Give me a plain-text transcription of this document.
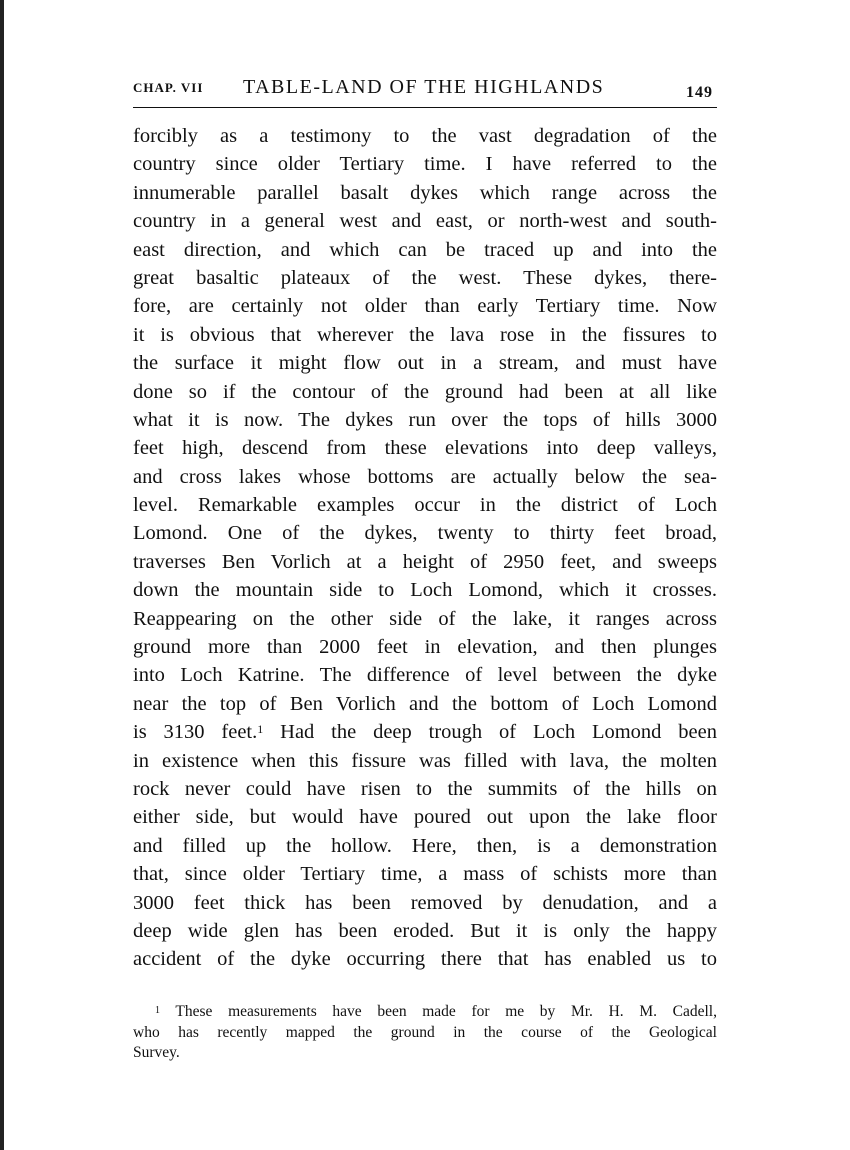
CHAP. VII TABLE-LAND OF THE HIGHLANDS	149
forcibly as a testimony to the vast degradation of the
country since older Tertiary time. I have referred to the
innumerable parallel basalt dykes which range across the
country in a general west and east, or north-west and south-
east direction, and which can be traced up and into the
great basaltic plateaux of the west. These dykes, there-
fore, are certainly not older than early Tertiary time. Now
it is obvious that wherever the lava rose in the fissures to
the surface it might flow out in a stream, and must have
done so if the contour of the ground had been at all like
what it is now. The dykes run over the tops of hills 3000
feet high, descend from these elevations into deep valleys,
and cross lakes whose bottoms are actually below the sea-
level. Remarkable examples occur in the district of Loch
Lomond. One of the dykes, twenty to thirty feet broad,
traverses Ben Vorlich at a height of 2950 feet, and sweeps
down the mountain side to Loch Lomond, which it crosses.
Reappearing on the other side of the lake, it ranges across
ground more than 2000 feet in elevation, and then plunges
into Loch Katrine. The difference of level between the dyke
near the top of Ben Vorlich and the bottom of Loch Lomond
is 3130 feet.$^1$ Had the deep trough of Loch Lomond been
in existence when this fissure was filled with lava, the molten
rock never could have risen to the summits of the hills on
either side, but would have poured out upon the lake floor
and filled up the hollow. Here, then, is a demonstration
that, since older Tertiary time, a mass of schists more than
3000 feet thick has been removed by denudation, and a
deep wide glen has been eroded. But it is only the happy
accident of the dyke occurring there that has enabled us to
$^1$ These measurements have been made for me by Mr. H. M. Cadell,
who has recently mapped the ground in the course of the Geological
Survey.
